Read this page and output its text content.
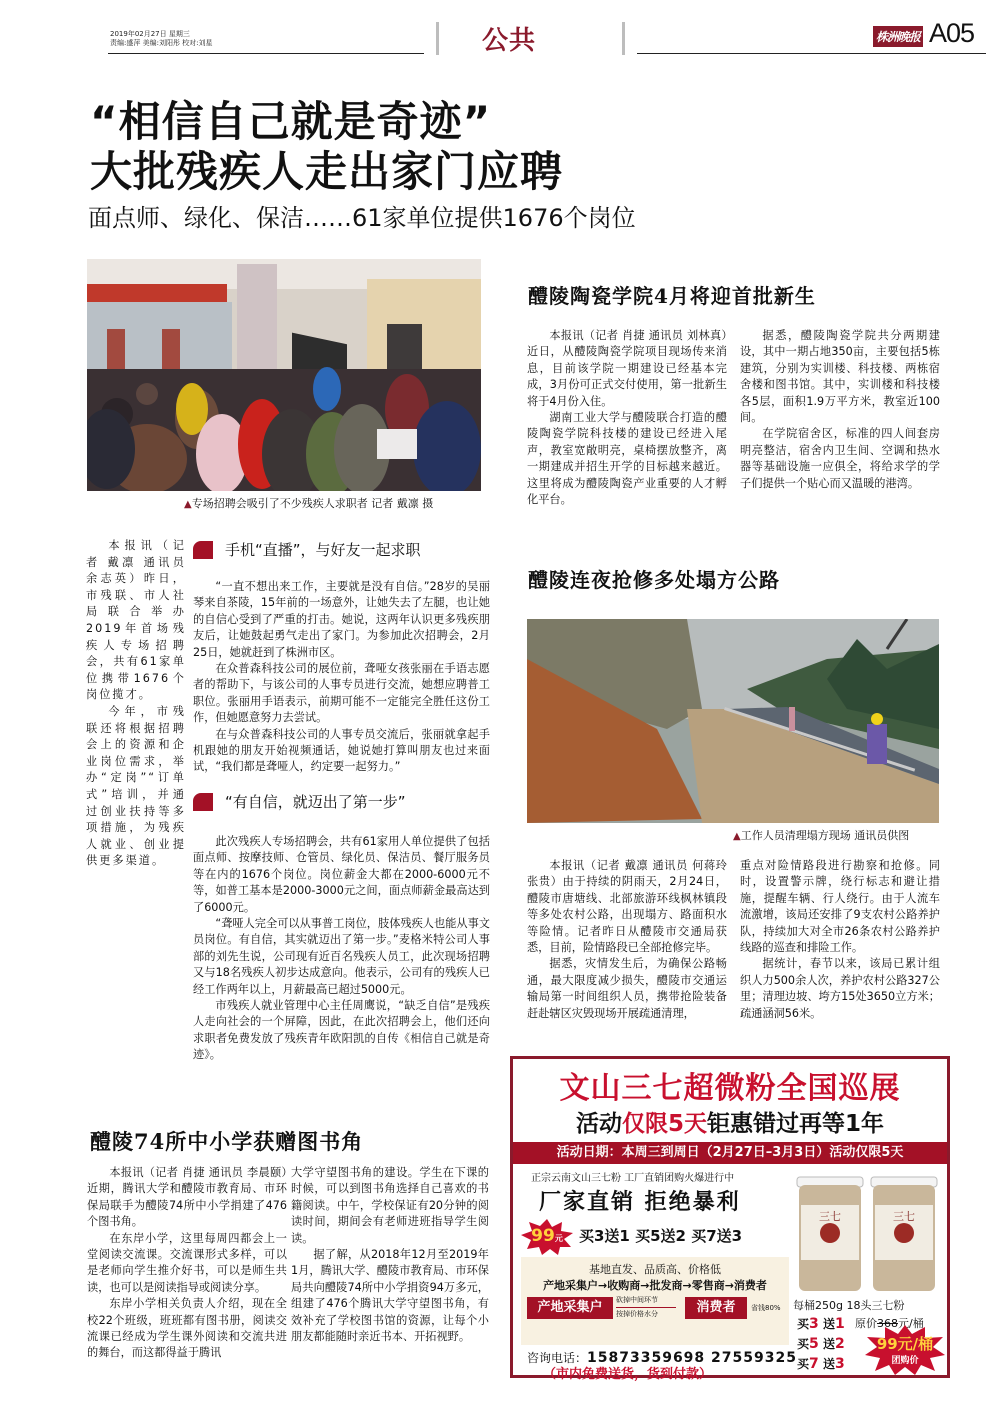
2019年02月27日 星期三
责编:盛萍 美编:刘阳彤 校对:刘星	公共	株洲晚报 A05
“相信自己就是奇迹”
大批残疾人走出家门应聘
面点师、绿化、保洁……61家单位提供1676个岗位
▲专场招聘会吸引了不少残疾人求职者 记者 戴凛 摄

本报讯（记者 戴凛 通讯员 余志英）昨日，市残联、市人社局联合举办2019年首场残疾人专场招聘会，共有61家单位携带1676个岗位揽才。

今年，市残联还将根据招聘会上的资源和企业岗位需求，举办“定岗”“订单式”培训，并通过创业扶持等多项措施，为残疾人就业、创业提供更多渠道。

手机“直播”，与好友一起求职

“一直不想出来工作，主要就是没有自信。”28岁的吴丽琴来自茶陵，15年前的一场意外，让她失去了左腿，也让她的自信心受到了严重的打击。她说，这两年认识更多残疾朋友后，让她鼓起勇气走出了家门。为参加此次招聘会，2月25日，她就赶到了株洲市区。

在众普森科技公司的展位前，聋哑女孩张丽在手语志愿者的帮助下，与该公司的人事专员进行交流，她想应聘普工职位。张丽用手语表示，前期可能不一定能完全胜任这份工作，但她愿意努力去尝试。

在与众普森科技公司的人事专员交流后，张丽就拿起手机跟她的朋友开始视频通话，她说她打算叫朋友也过来面试，“我们都是聋哑人，约定要一起努力。”

“有自信，就迈出了第一步”

此次残疾人专场招聘会，共有61家用人单位提供了包括面点师、按摩技师、仓管员、绿化员、保洁员、餐厅服务员等在内的1676个岗位。岗位薪金大都在2000-6000元不等，如普工基本是2000-3000元之间，面点师薪金最高达到了6000元。

“聋哑人完全可以从事普工岗位，肢体残疾人也能从事文员岗位。有自信，其实就迈出了第一步。”麦格米特公司人事部的刘先生说，公司现有近百名残疾人员工，此次现场招聘又与18名残疾人初步达成意向。他表示，公司有的残疾人已经工作两年以上，月薪最高已超过5000元。

市残疾人就业管理中心主任周鹰说，“缺乏自信”是残疾人走向社会的一个屏障，因此，在此次招聘会上，他们还向求职者免费发放了残疾青年欧阳凯的自传《相信自己就是奇迹》。

醴陵陶瓷学院4月将迎首批新生

本报讯（记者 肖捷 通讯员 刘林真）近日，从醴陵陶瓷学院项目现场传来消息，目前该学院一期建设已经基本完成，3月份可正式交付使用，第一批新生将于4月份入住。

湖南工业大学与醴陵联合打造的醴陵陶瓷学院科技楼的建设已经进入尾声，教室宽敞明亮，桌椅摆放整齐，离一期建成并招生开学的目标越来越近。这里将成为醴陵陶瓷产业重要的人才孵化平台。

据悉，醴陵陶瓷学院共分两期建设，其中一期占地350亩，主要包括5栋建筑，分别为实训楼、科技楼、两栋宿舍楼和图书馆。其中，实训楼和科技楼各5层，面积1.9万平方米，教室近100间。

在学院宿舍区，标准的四人间套房明亮整洁，宿舍内卫生间、空调和热水器等基础设施一应俱全，将给求学的学子们提供一个贴心而又温暖的港湾。

醴陵连夜抢修多处塌方公路
▲工作人员清理塌方现场 通讯员供图

本报讯（记者 戴凛 通讯员 何蒋玲 张贵）由于持续的阴雨天，2月24日，醴陵市唐塘线、北部旅游环线枫林镇段等多处农村公路，出现塌方、路面积水等险情。记者昨日从醴陵市交通局获悉，目前，险情路段已全部抢修完毕。

据悉，灾情发生后，为确保公路畅通，最大限度减少损失，醴陵市交通运输局第一时间组织人员，携带抢险装备赶赴辖区灾毁现场开展疏通清理，

重点对险情路段进行勘察和抢修。同时，设置警示牌，绕行标志和避让措施，提醒车辆、行人绕行。由于人流车流激增，该局还安排了9支农村公路养护队，持续加大对全市26条农村公路养护线路的巡查和排险工作。

据统计，春节以来，该局已累计组织人力500余人次，养护农村公路327公里；清理边坡、垮方15处3650立方米；疏通涵洞56米。

醴陵74所中小学获赠图书角

本报讯（记者 肖捷 通讯员 李晨颐）近期，腾讯大学和醴陵市教育局、市环保局联手为醴陵74所中小学捐建了476个图书角。

在东岸小学，这里每周四都会上一堂阅读交流课。交流课形式多样，可以是老师向学生推介好书，可以是师生共读，也可以是阅读指导或阅读分享。

东岸小学相关负责人介绍，现在全校22个班级，班班都有图书册，阅读交流课已经成为学生课外阅读和交流共进的舞台，而这都得益于腾讯

大学守望图书角的建设。学生在下课的时候，可以到图书角选择自己喜欢的书籍阅读。中午，学校保证有20分钟的阅读时间，期间会有老师进班指导学生阅读。

据了解，从2018年12月至2019年1月，腾讯大学、醴陵市教育局、市环保局共向醴陵74所中小学捐资94万多元，组建了476个腾讯大学守望图书角，有效补充了学校图书馆的资源，让每个小朋友都能随时亲近书本、开拓视野。

文山三七超微粉全国巡展
活动仅限5天钜惠错过再等1年
活动日期：本周三到周日（2月27日–3月3日）活动仅限5天
正宗云南文山三七粉 工厂直销团购火爆进行中
厂家直销 拒绝暴利
99元	买3送1 买5送2 买7送3
基地直发、品质高、价格低
产地采集户→收购商→批发商→零售商→消费者
产地采集户	砍掉中间环节
按掉价格水分	消费者	省钱80%
咨询电话：15873359698 27559325
（市内免费送货，货到付款）
三七	三七
每桶250g 18头三七粉
原价368元/桶
买3 送1
买5 送2
买7 送3
99元/桶
团购价
